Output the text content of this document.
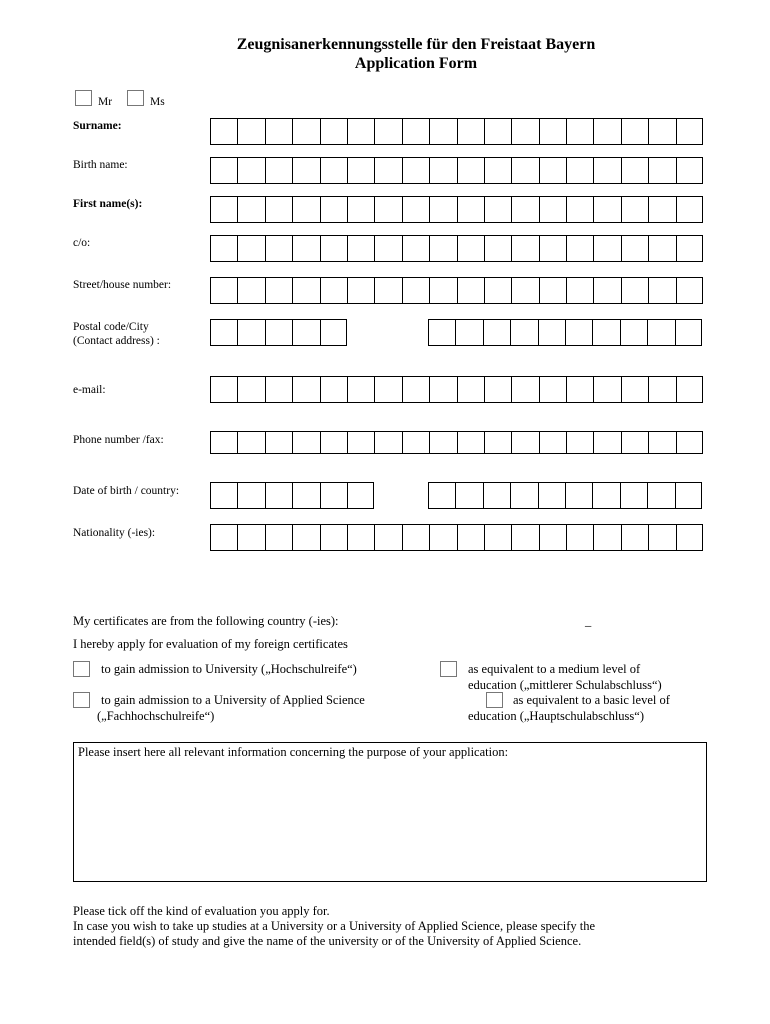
Zeugnisanerkennungsstelle für den Freistaat Bayern
Application Form
Mr	Ms
Surname:
Birth name:
First name(s):
c/o:
Street/house number:
Postal code/City
(Contact address) :
e-mail:
Phone number /fax:
Date of birth / country:
Nationality (-ies):
My certificates are from the following country (-ies):	_
I hereby apply for evaluation of my foreign certificates
to gain admission to University („Hochschulreife“)
to gain admission to a University of Applied Science
(„Fachhochschulreife“)
as equivalent to a medium level of
education („mittlerer Schulabschluss“)
as equivalent to a basic level of
education („Hauptschulabschluss“)
Please insert here all relevant information concerning the purpose of your application:
Please tick off the kind of evaluation you apply for.
In case you wish to take up studies at a University or a University of Applied Science, please specify the
intended field(s) of study and give the name of the university or of the University of Applied Science.
